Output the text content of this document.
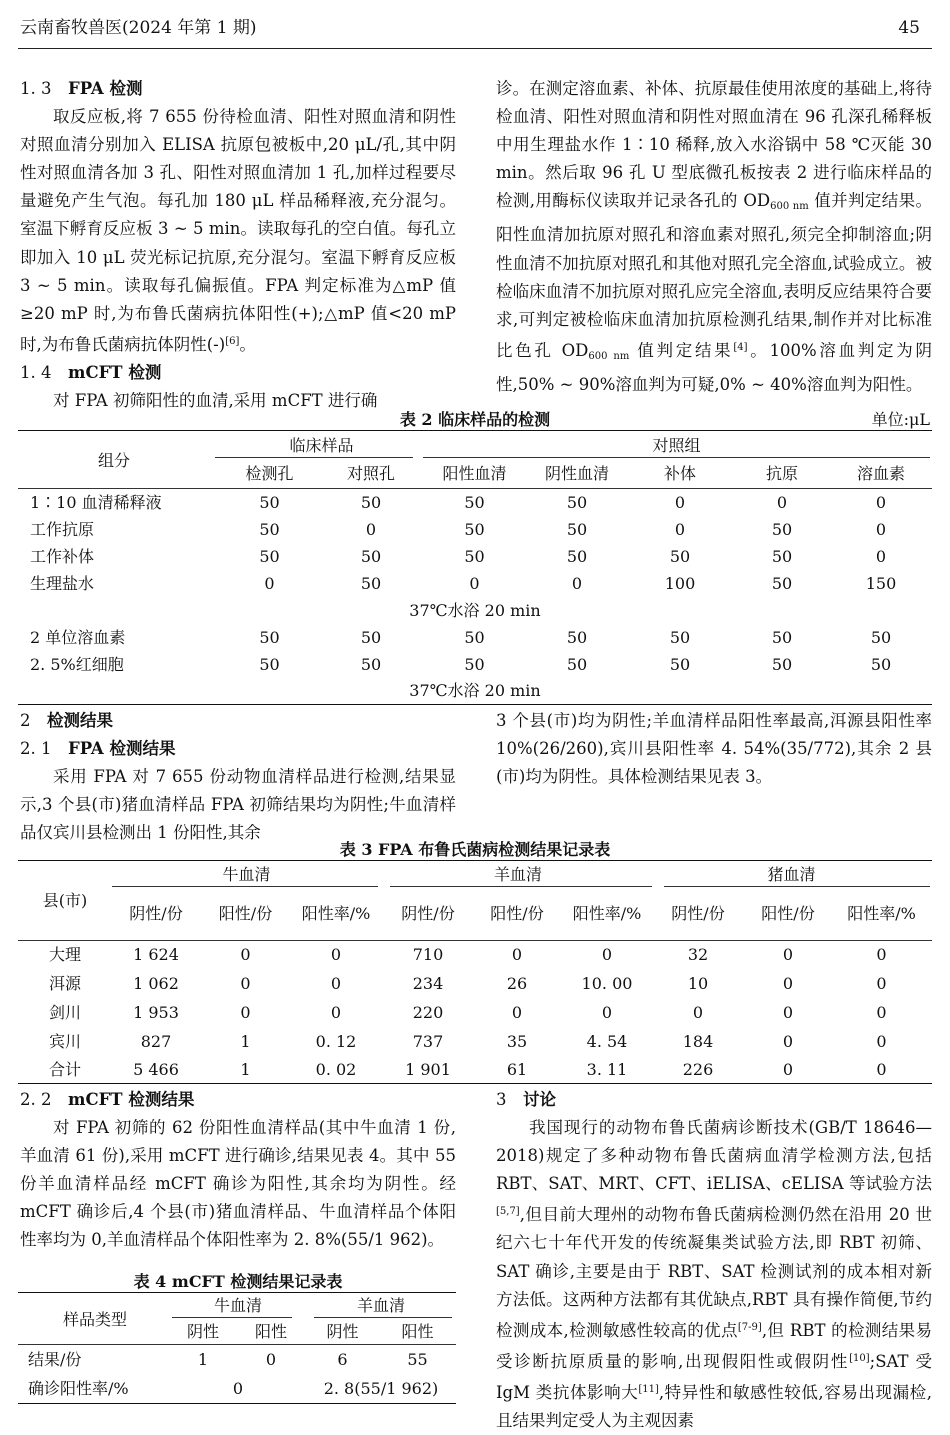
云南畜牧兽医(2024 年第 1 期)	45

1. 3 FPA 检测

取反应板,将 7 655 份待检血清、阳性对照血清和阴性对照血清分别加入 ELISA 抗原包被板中,20 μL/孔,其中阴性对照血清各加 3 孔、阳性对照血清加 1 孔,加样过程要尽量避免产生气泡。每孔加 180 μL 样品稀释液,充分混匀。室温下孵育反应板 3 ~ 5 min。读取每孔的空白值。每孔立即加入 10 μL 荧光标记抗原,充分混匀。室温下孵育反应板 3 ~ 5 min。读取每孔偏振值。FPA 判定标准为△mP 值≥20 mP 时,为布鲁氏菌病抗体阳性(+);△mP 值<20 mP 时,为布鲁氏菌病抗体阴性(-)[6]。

1. 4 mCFT 检测

对 FPA 初筛阳性的血清,采用 mCFT 进行确

诊。在测定溶血素、补体、抗原最佳使用浓度的基础上,将待检血清、阳性对照血清和阴性对照血清在 96 孔深孔稀释板中用生理盐水作 1∶10 稀释,放入水浴锅中 58 ℃灭能 30 min。然后取 96 孔 U 型底微孔板按表 2 进行临床样品的检测,用酶标仪读取并记录各孔的 $OD_{600 nm}$ 值并判定结果。阳性血清加抗原对照孔和溶血素对照孔,须完全抑制溶血;阴性血清不加抗原对照孔和其他对照孔完全溶血,试验成立。被检临床血清不加抗原对照孔应完全溶血,表明反应结果符合要求,可判定被检临床血清加抗原检测孔结果,制作并对比标准比色孔 $OD_{600 nm}$ 值判定结果[4]。100%溶血判定为阴性,50% ~ 90%溶血判为可疑,0% ~ 40%溶血判为阳性。

表 2 临床样品的检测	单位:μL
组分	临床样品		对照组				
	检测孔	对照孔	阳性血清	阴性血清	补体	抗原	溶血素
1∶10 血清稀释液	50	50	50	50	0	0	0
工作抗原	50	0	50	50	0	50	0
工作补体	50	50	50	50	50	50	0
生理盐水	0	50	0	0	100	50	150
37℃水浴 20 min							
2 单位溶血素	50	50	50	50	50	50	50
2. 5%红细胞	50	50	50	50	50	50	50
37℃水浴 20 min							

2 检测结果

2. 1 FPA 检测结果

采用 FPA 对 7 655 份动物血清样品进行检测,结果显示,3 个县(市)猪血清样品 FPA 初筛结果均为阴性;牛血清样品仅宾川县检测出 1 份阳性,其余

3 个县(市)均为阴性;羊血清样品阳性率最高,洱源县阳性率 10%(26/260),宾川县阳性率 4. 54%(35/772),其余 2 县(市)均为阴性。具体检测结果见表 3。

表 3 FPA 布鲁氏菌病检测结果记录表
县(市)	牛血清			羊血清			猪血清		
	阴性/份	阳性/份	阳性率/%	阴性/份	阳性/份	阳性率/%	阴性/份	阳性/份	阳性率/%
大理	1 624	0	0	710	0	0	32	0	0
洱源	1 062	0	0	234	26	10. 00	10	0	0
剑川	1 953	0	0	220	0	0	0	0	0
宾川	827	1	0. 12	737	35	4. 54	184	0	0
合计	5 466	1	0. 02	1 901	61	3. 11	226	0	0

2. 2 mCFT 检测结果

对 FPA 初筛的 62 份阳性血清样品(其中牛血清 1 份,羊血清 61 份),采用 mCFT 进行确诊,结果见表 4。其中 55 份羊血清样品经 mCFT 确诊为阳性,其余均为阴性。经 mCFT 确诊后,4 个县(市)猪血清样品、牛血清样品个体阳性率均为 0,羊血清样品个体阳性率为 2. 8%(55/1 962)。

表 4 mCFT 检测结果记录表
样品类型	牛血清		羊血清	
	阴性	阳性	阴性	阳性
结果/份	1	0	6	55
确诊阳性率/%	0		2. 8(55/1 962)	

3 讨论

我国现行的动物布鲁氏菌病诊断技术(GB/T 18646—2018)规定了多种动物布鲁氏菌病血清学检测方法,包括 RBT、SAT、MRT、CFT、iELISA、cELISA 等试验方法[5,7],但目前大理州的动物布鲁氏菌病检测仍然在沿用 20 世纪六七十年代开发的传统凝集类试验方法,即 RBT 初筛、SAT 确诊,主要是由于 RBT、SAT 检测试剂的成本相对新方法低。这两种方法都有其优缺点,RBT 具有操作简便,节约检测成本,检测敏感性较高的优点[7-9],但 RBT 的检测结果易受诊断抗原质量的影响,出现假阳性或假阴性[10];SAT 受 IgM 类抗体影响大[11],特异性和敏感性较低,容易出现漏检,且结果判定受人为主观因素
